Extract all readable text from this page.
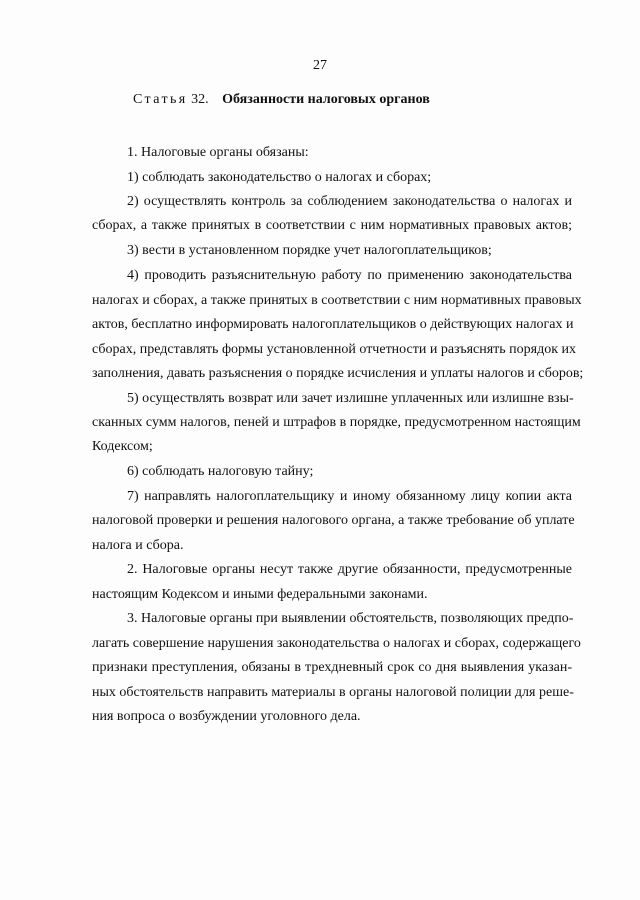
27
Статья 32. Обязанности налоговых органов
1. Налоговые органы обязаны:
1) соблюдать законодательство о налогах и сборах;
2) осуществлять контроль за соблюдением законодательства о налогах и
сборах, а также принятых в соответствии с ним нормативных правовых актов;
3) вести в установленном порядке учет налогоплательщиков;
4) проводить разъяснительную работу по применению законодательства
налогах и сборах, а также принятых в соответствии с ним нормативных правовых
актов, бесплатно информировать налогоплательщиков о действующих налогах и
сборах, представлять формы установленной отчетности и разъяснять порядок их
заполнения, давать разъяснения о порядке исчисления и уплаты налогов и сборов;
5) осуществлять возврат или зачет излишне уплаченных или излишне взы-
сканных сумм налогов, пеней и штрафов в порядке, предусмотренном настоящим
Кодексом;
6) соблюдать налоговую тайну;
7) направлять налогоплательщику и иному обязанному лицу копии акта
налоговой проверки и решения налогового органа, а также требование об уплате
налога и сбора.
2. Налоговые органы несут также другие обязанности, предусмотренные
настоящим Кодексом и иными федеральными законами.
3. Налоговые органы при выявлении обстоятельств, позволяющих предпо-
лагать совершение нарушения законодательства о налогах и сборах, содержащего
признаки преступления, обязаны в трехдневный срок со дня выявления указан-
ных обстоятельств направить материалы в органы налоговой полиции для реше-
ния вопроса о возбуждении уголовного дела.
